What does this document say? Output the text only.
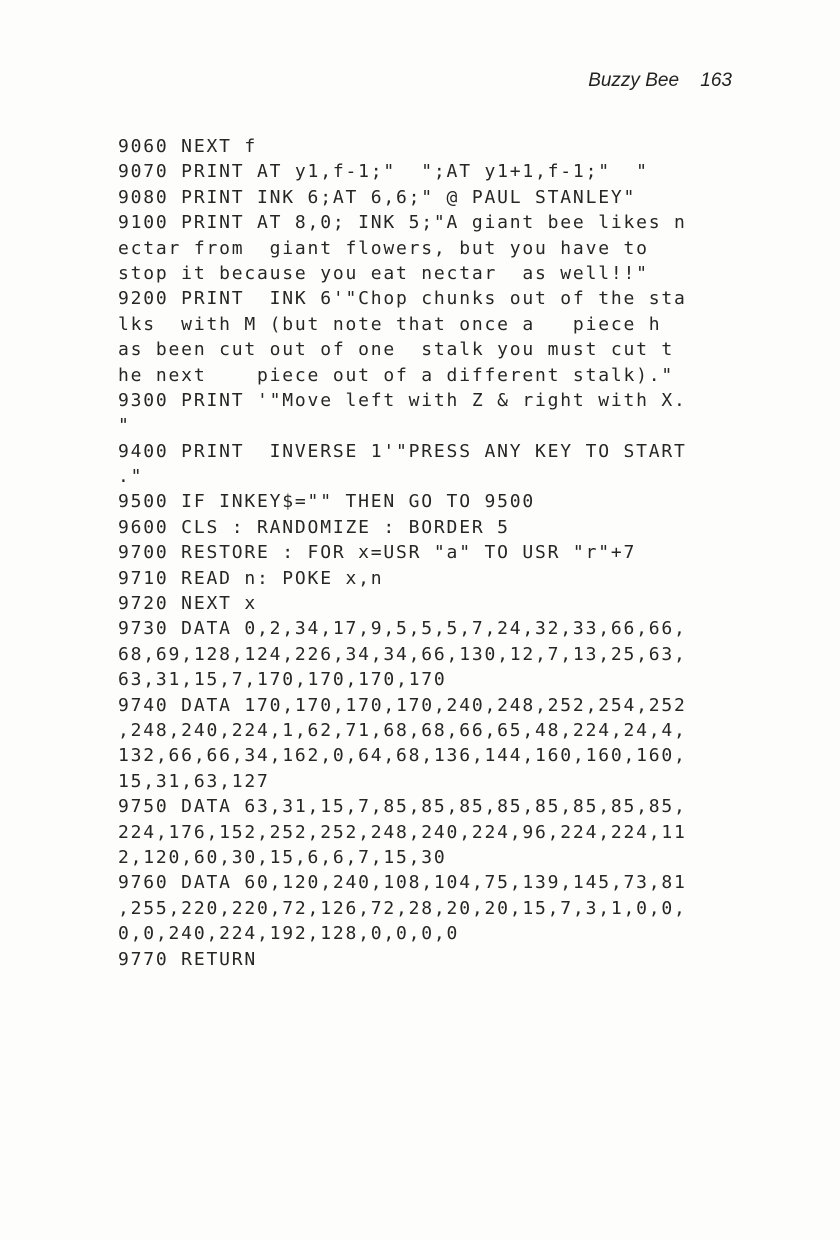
Buzzy Bee 163
9060 NEXT f
9070 PRINT AT y1,f-1;"  ";AT y1+1,f-1;"  "
9080 PRINT INK 6;AT 6,6;" @ PAUL STANLEY"
9100 PRINT AT 8,0; INK 5;"A giant bee likes n
ectar from  giant flowers, but you have to
stop it because you eat nectar  as well!!"
9200 PRINT  INK 6'"Chop chunks out of the sta
lks  with M (but note that once a   piece h
as been cut out of one  stalk you must cut t
he next    piece out of a different stalk)."
9300 PRINT '"Move left with Z & right with X.
"
9400 PRINT  INVERSE 1'"PRESS ANY KEY TO START
."
9500 IF INKEY$="" THEN GO TO 9500
9600 CLS : RANDOMIZE : BORDER 5
9700 RESTORE : FOR x=USR "a" TO USR "r"+7
9710 READ n: POKE x,n
9720 NEXT x
9730 DATA 0,2,34,17,9,5,5,5,7,24,32,33,66,66,
68,69,128,124,226,34,34,66,130,12,7,13,25,63,
63,31,15,7,170,170,170,170
9740 DATA 170,170,170,170,240,248,252,254,252
,248,240,224,1,62,71,68,68,66,65,48,224,24,4,
132,66,66,34,162,0,64,68,136,144,160,160,160,
15,31,63,127
9750 DATA 63,31,15,7,85,85,85,85,85,85,85,85,
224,176,152,252,252,248,240,224,96,224,224,11
2,120,60,30,15,6,6,7,15,30
9760 DATA 60,120,240,108,104,75,139,145,73,81
,255,220,220,72,126,72,28,20,20,15,7,3,1,0,0,
0,0,240,224,192,128,0,0,0,0
9770 RETURN
